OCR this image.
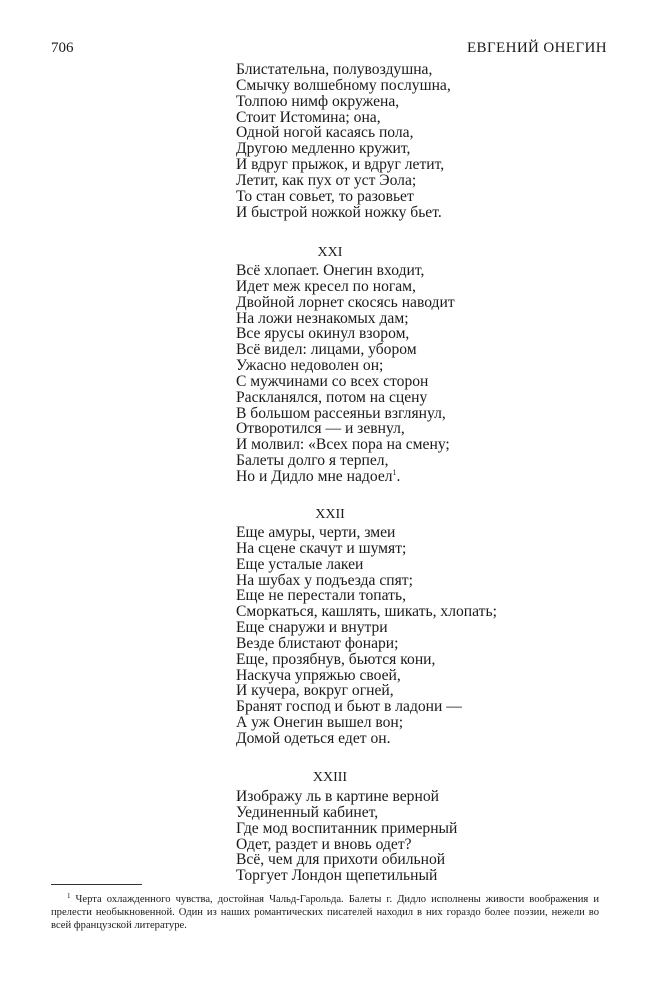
706	ЕВГЕНИЙ ОНЕГИН
Блистательна, полувоздушна,
Смычку волшебному послушна,
Толпою нимф окружена,
Стоит Истомина; она,
Одной ногой касаясь пола,
Другою медленно кружит,
И вдруг прыжок, и вдруг летит,
Летит, как пух от уст Эола;
То стан совьет, то разовьет
И быстрой ножкой ножку бьет.
XXI
Всё хлопает. Онегин входит,
Идет меж кресел по ногам,
Двойной лорнет скосясь наводит
На ложи незнакомых дам;
Все ярусы окинул взором,
Всё видел: лицами, убором
Ужасно недоволен он;
С мужчинами со всех сторон
Раскланялся, потом на сцену
В большом рассеяньи взглянул,
Отворотился — и зевнул,
И молвил: «Всех пора на смену;
Балеты долго я терпел,
Но и Дидло мне надоел$^1$.
XXII
Еще амуры, черти, змеи
На сцене скачут и шумят;
Еще усталые лакеи
На шубах у подъезда спят;
Еще не перестали топать,
Сморкаться, кашлять, шикать, хлопать;
Еще снаружи и внутри
Везде блистают фонари;
Еще, прозябнув, бьются кони,
Наскуча упряжью своей,
И кучера, вокруг огней,
Бранят господ и бьют в ладони —
А уж Онегин вышел вон;
Домой одеться едет он.
XXIII
Изображу ль в картине верной
Уединенный кабинет,
Где мод воспитанник примерный
Одет, раздет и вновь одет?
Всё, чем для прихоти обильной
Торгует Лондон щепетильный
$^1$ Черта охлажденного чувства, достойная Чальд-Гарольда. Балеты г. Дидло исполнены живости воображения и прелести необыкновенной. Один из наших романтических писателей находил в них гораздо более поэзии, нежели во всей французской литературе.
